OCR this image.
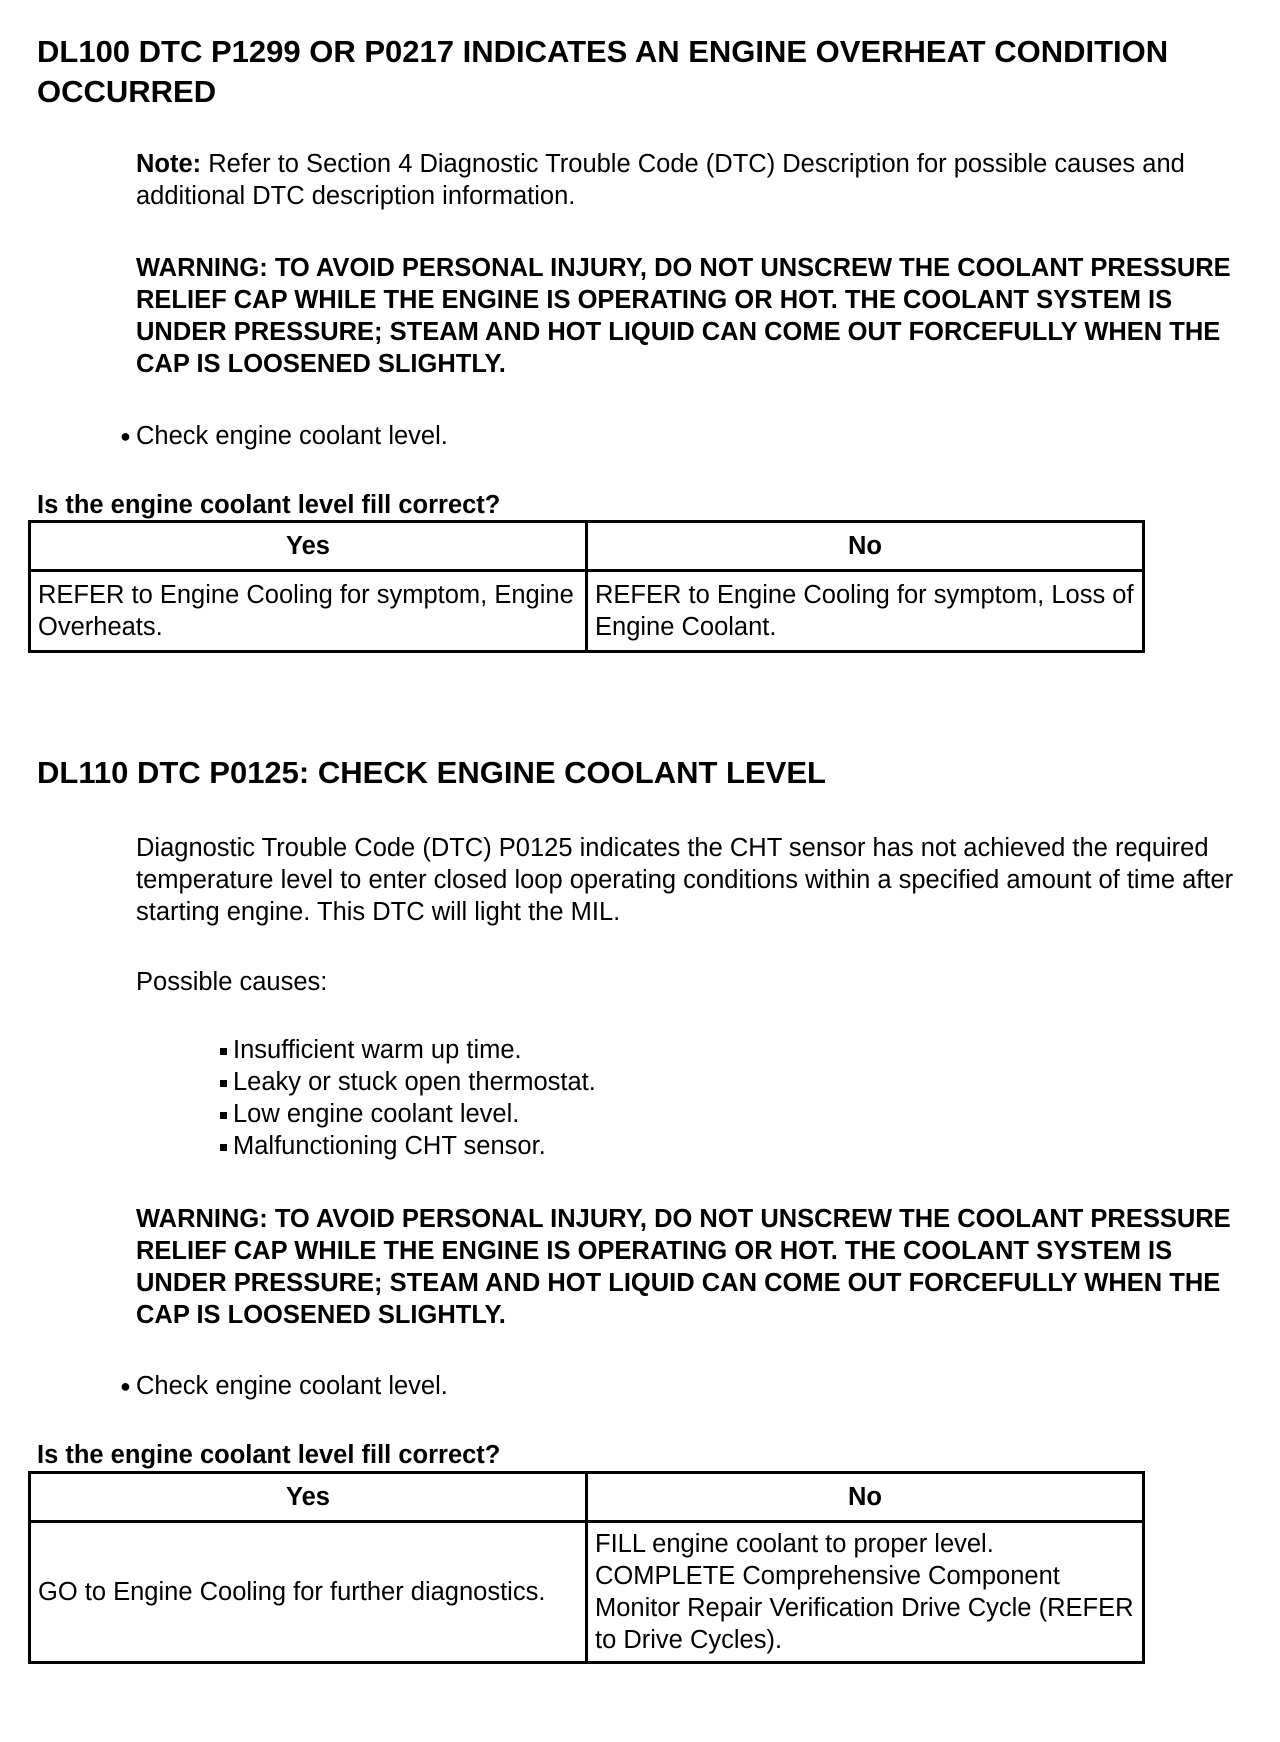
DL100 DTC P1299 OR P0217 INDICATES AN ENGINE OVERHEAT CONDITION OCCURRED

Note: Refer to Section 4 Diagnostic Trouble Code (DTC) Description for possible causes and additional DTC description information.

WARNING: TO AVOID PERSONAL INJURY, DO NOT UNSCREW THE COOLANT PRESSURE RELIEF CAP WHILE THE ENGINE IS OPERATING OR HOT. THE COOLANT SYSTEM IS UNDER PRESSURE; STEAM AND HOT LIQUID CAN COME OUT FORCEFULLY WHEN THE CAP IS LOOSENED SLIGHTLY.

● Check engine coolant level.

Is the engine coolant level fill correct?

Yes	No
REFER to Engine Cooling for symptom, Engine Overheats.	REFER to Engine Cooling for symptom, Loss of Engine Coolant.
DL110 DTC P0125: CHECK ENGINE COOLANT LEVEL

Diagnostic Trouble Code (DTC) P0125 indicates the CHT sensor has not achieved the required temperature level to enter closed loop operating conditions within a specified amount of time after starting engine. This DTC will light the MIL.

Possible causes:

Insufficient warm up time.
Leaky or stuck open thermostat.
Low engine coolant level.
Malfunctioning CHT sensor.

WARNING: TO AVOID PERSONAL INJURY, DO NOT UNSCREW THE COOLANT PRESSURE RELIEF CAP WHILE THE ENGINE IS OPERATING OR HOT. THE COOLANT SYSTEM IS UNDER PRESSURE; STEAM AND HOT LIQUID CAN COME OUT FORCEFULLY WHEN THE CAP IS LOOSENED SLIGHTLY.

● Check engine coolant level.

Is the engine coolant level fill correct?

Yes	No
GO to Engine Cooling for further diagnostics.	FILL engine coolant to proper level. COMPLETE Comprehensive Component Monitor Repair Verification Drive Cycle (REFER to Drive Cycles).
